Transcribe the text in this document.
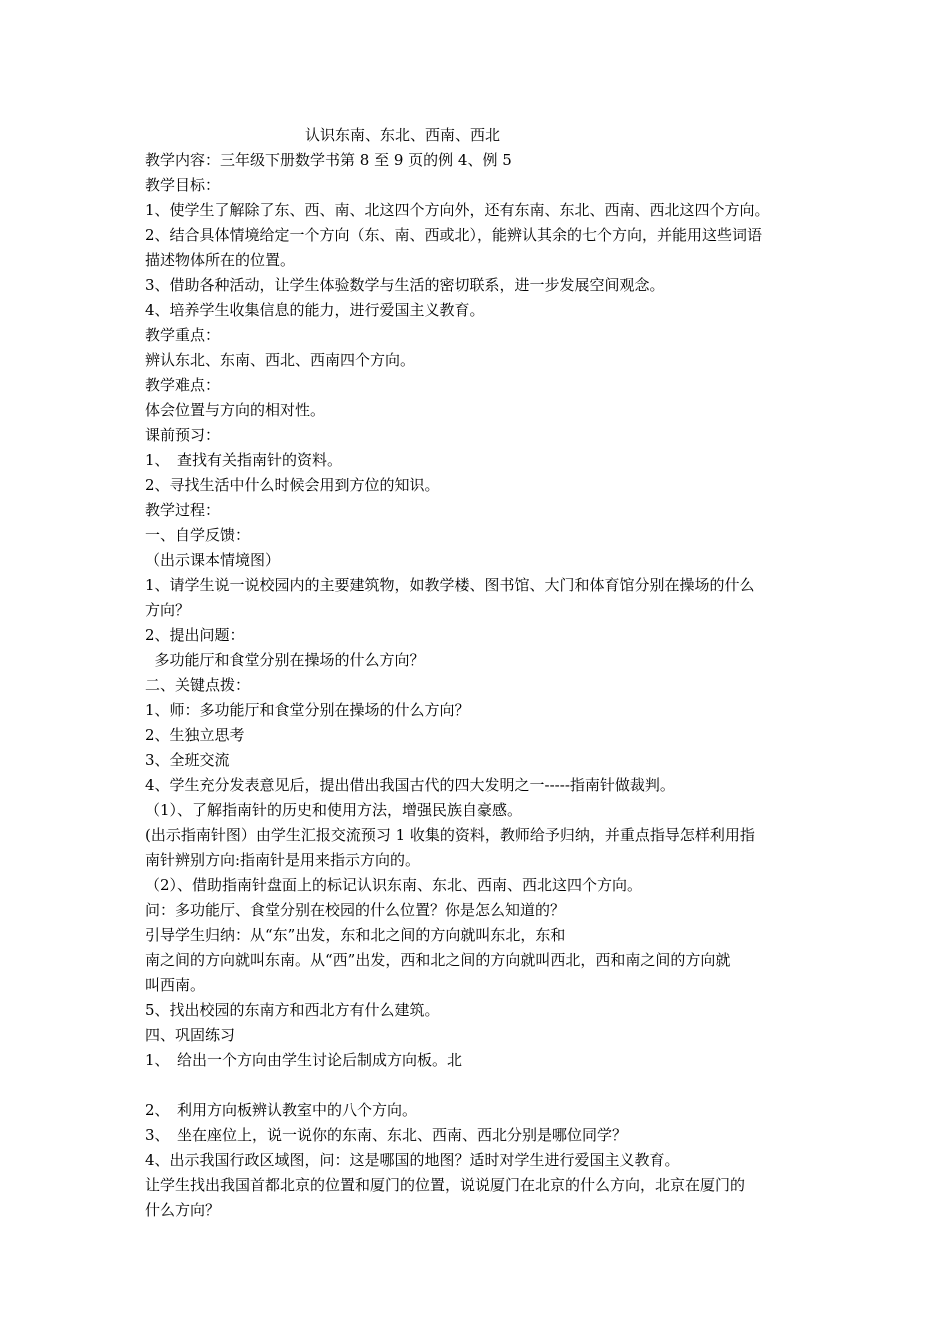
认识东南、东北、西南、西北
教学内容：三年级下册数学书第 8 至 9 页的例 4、例 5
教学目标：
1、使学生了解除了东、西、南、北这四个方向外，还有东南、东北、西南、西北这四个方向。
2、结合具体情境给定一个方向（东、南、西或北），能辨认其余的七个方向，并能用这些词语
描述物体所在的位置。
3、借助各种活动，让学生体验数学与生活的密切联系，进一步发展空间观念。
4、培养学生收集信息的能力，进行爱国主义教育。
教学重点：
辨认东北、东南、西北、西南四个方向。
教学难点：
体会位置与方向的相对性。
课前预习：
1、　查找有关指南针的资料。
2、寻找生活中什么时候会用到方位的知识。
教学过程：
一、自学反馈：
（出示课本情境图）
1、请学生说一说校园内的主要建筑物，如教学楼、图书馆、大门和体育馆分别在操场的什么
方向？
2、提出问题：
多功能厅和食堂分别在操场的什么方向？
二、关键点拨：
1、师：多功能厅和食堂分别在操场的什么方向？
2、生独立思考
3、全班交流
4、学生充分发表意见后，提出借出我国古代的四大发明之一-----指南针做裁判。
（1）、了解指南针的历史和使用方法，增强民族自豪感。
(出示指南针图）由学生汇报交流预习 1 收集的资料，教师给予归纳，并重点指导怎样利用指
南针辨别方向:指南针是用来指示方向的。
（2）、借助指南针盘面上的标记认识东南、东北、西南、西北这四个方向。
问：多功能厅、食堂分别在校园的什么位置？你是怎么知道的？
引导学生归纳：从“东”出发，东和北之间的方向就叫东北，东和
南之间的方向就叫东南。从“西”出发，西和北之间的方向就叫西北，西和南之间的方向就
叫西南。
5、找出校园的东南方和西北方有什么建筑。
四、巩固练习
1、　给出一个方向由学生讨论后制成方向板。北
2、　利用方向板辨认教室中的八个方向。
3、　坐在座位上，说一说你的东南、东北、西南、西北分别是哪位同学？
4、出示我国行政区域图，问：这是哪国的地图？适时对学生进行爱国主义教育。
让学生找出我国首都北京的位置和厦门的位置，说说厦门在北京的什么方向，北京在厦门的
什么方向？
